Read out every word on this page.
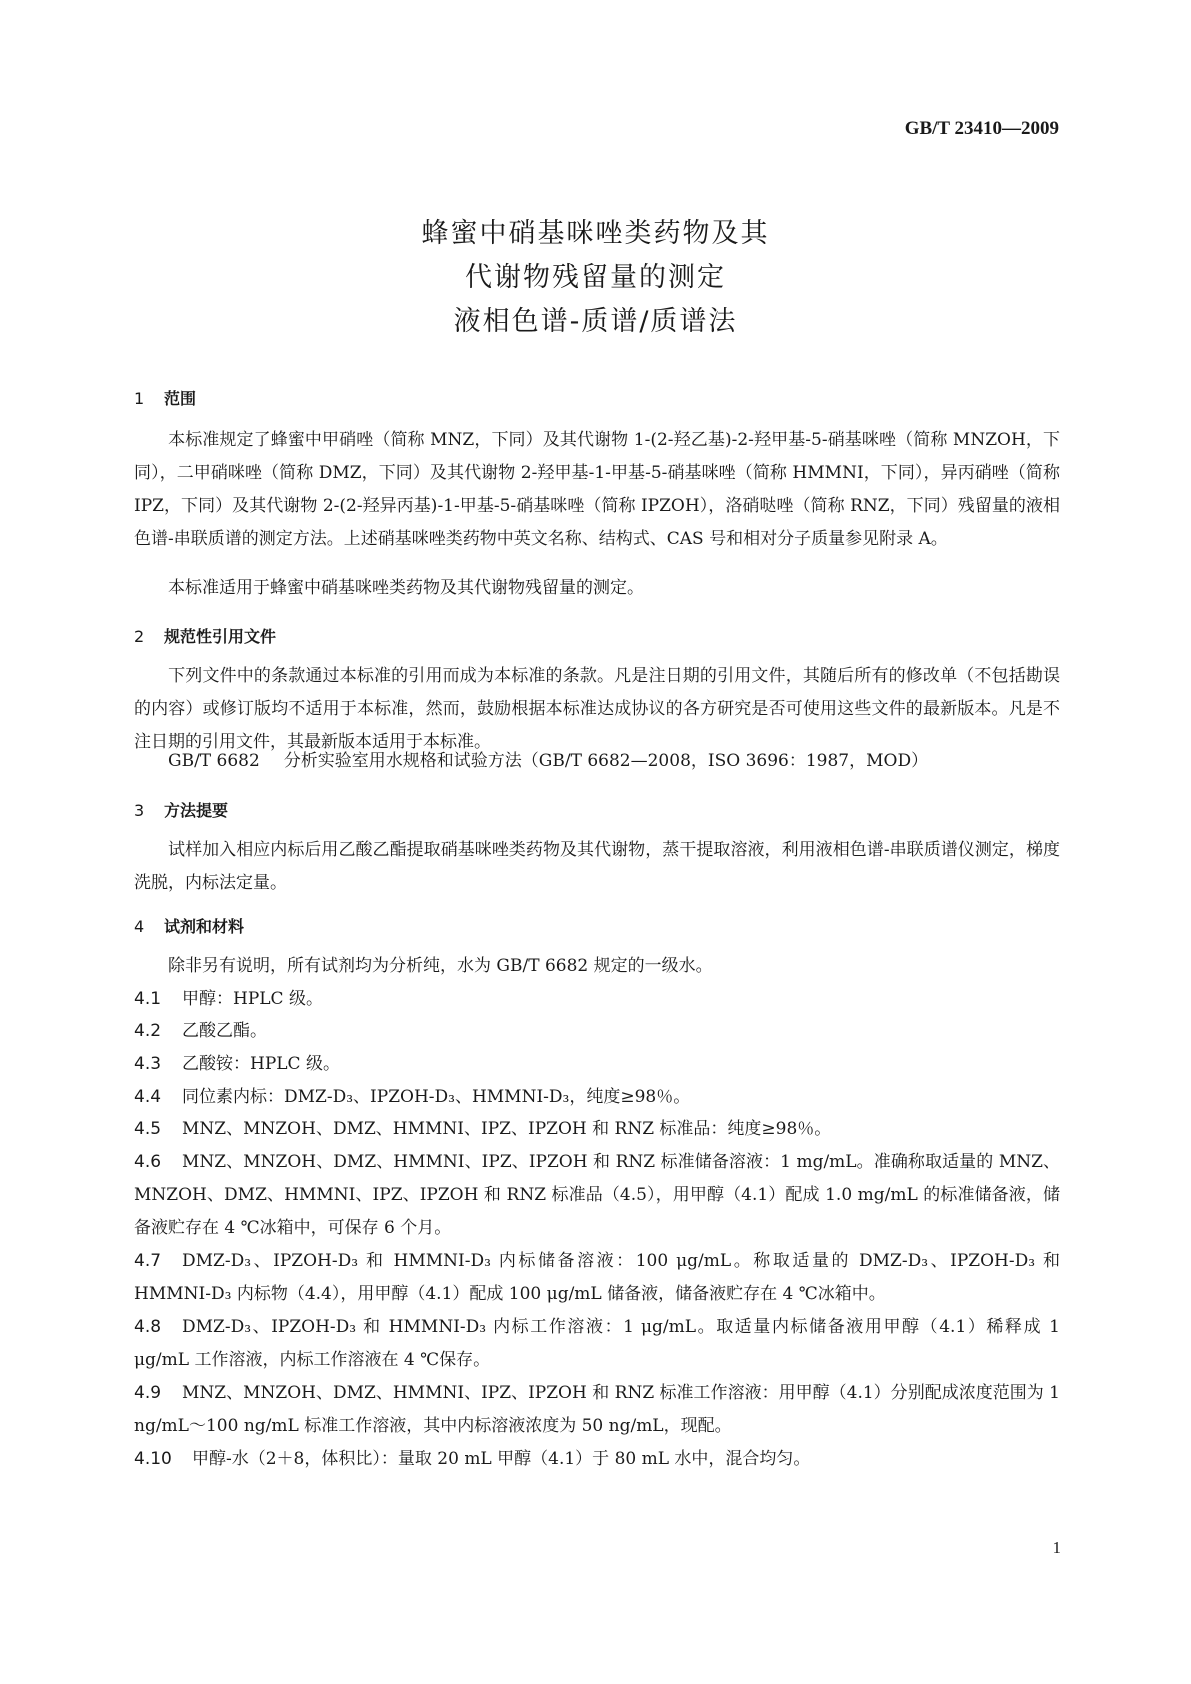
GB/T 23410—2009
蜂蜜中硝基咪唑类药物及其
代谢物残留量的测定
液相色谱-质谱/质谱法
1 范围
本标准规定了蜂蜜中甲硝唑（简称 MNZ，下同）及其代谢物 1-(2-羟乙基)-2-羟甲基-5-硝基咪唑（简称 MNZOH，下同），二甲硝咪唑（简称 DMZ，下同）及其代谢物 2-羟甲基-1-甲基-5-硝基咪唑（简称 HMMNI，下同），异丙硝唑（简称 IPZ，下同）及其代谢物 2-(2-羟异丙基)-1-甲基-5-硝基咪唑（简称 IPZOH），洛硝哒唑（简称 RNZ，下同）残留量的液相色谱-串联质谱的测定方法。上述硝基咪唑类药物中英文名称、结构式、CAS 号和相对分子质量参见附录 A。
本标准适用于蜂蜜中硝基咪唑类药物及其代谢物残留量的测定。
2 规范性引用文件
下列文件中的条款通过本标准的引用而成为本标准的条款。凡是注日期的引用文件，其随后所有的修改单（不包括勘误的内容）或修订版均不适用于本标准，然而，鼓励根据本标准达成协议的各方研究是否可使用这些文件的最新版本。凡是不注日期的引用文件，其最新版本适用于本标准。
GB/T 6682 分析实验室用水规格和试验方法（GB/T 6682—2008，ISO 3696：1987，MOD）
3 方法提要
试样加入相应内标后用乙酸乙酯提取硝基咪唑类药物及其代谢物，蒸干提取溶液，利用液相色谱-串联质谱仪测定，梯度洗脱，内标法定量。
4 试剂和材料
除非另有说明，所有试剂均为分析纯，水为 GB/T 6682 规定的一级水。
4.1 甲醇：HPLC 级。
4.2 乙酸乙酯。
4.3 乙酸铵：HPLC 级。
4.4 同位素内标：DMZ-D₃、IPZOH-D₃、HMMNI-D₃，纯度≥98％。
4.5 MNZ、MNZOH、DMZ、HMMNI、IPZ、IPZOH 和 RNZ 标准品：纯度≥98％。
4.6 MNZ、MNZOH、DMZ、HMMNI、IPZ、IPZOH 和 RNZ 标准储备溶液：1 mg/mL。准确称取适量的 MNZ、MNZOH、DMZ、HMMNI、IPZ、IPZOH 和 RNZ 标准品（4.5），用甲醇（4.1）配成 1.0 mg/mL 的标准储备液，储备液贮存在 4 ℃冰箱中，可保存 6 个月。
4.7 DMZ-D₃、IPZOH-D₃ 和 HMMNI-D₃ 内标储备溶液：100 μg/mL。称取适量的 DMZ-D₃、IPZOH-D₃ 和 HMMNI-D₃ 内标物（4.4），用甲醇（4.1）配成 100 μg/mL 储备液，储备液贮存在 4 ℃冰箱中。
4.8 DMZ-D₃、IPZOH-D₃ 和 HMMNI-D₃ 内标工作溶液：1 μg/mL。取适量内标储备液用甲醇（4.1）稀释成 1 μg/mL 工作溶液，内标工作溶液在 4 ℃保存。
4.9 MNZ、MNZOH、DMZ、HMMNI、IPZ、IPZOH 和 RNZ 标准工作溶液：用甲醇（4.1）分别配成浓度范围为 1 ng/mL～100 ng/mL 标准工作溶液，其中内标溶液浓度为 50 ng/mL，现配。
4.10 甲醇-水（2＋8，体积比）：量取 20 mL 甲醇（4.1）于 80 mL 水中，混合均匀。
1
